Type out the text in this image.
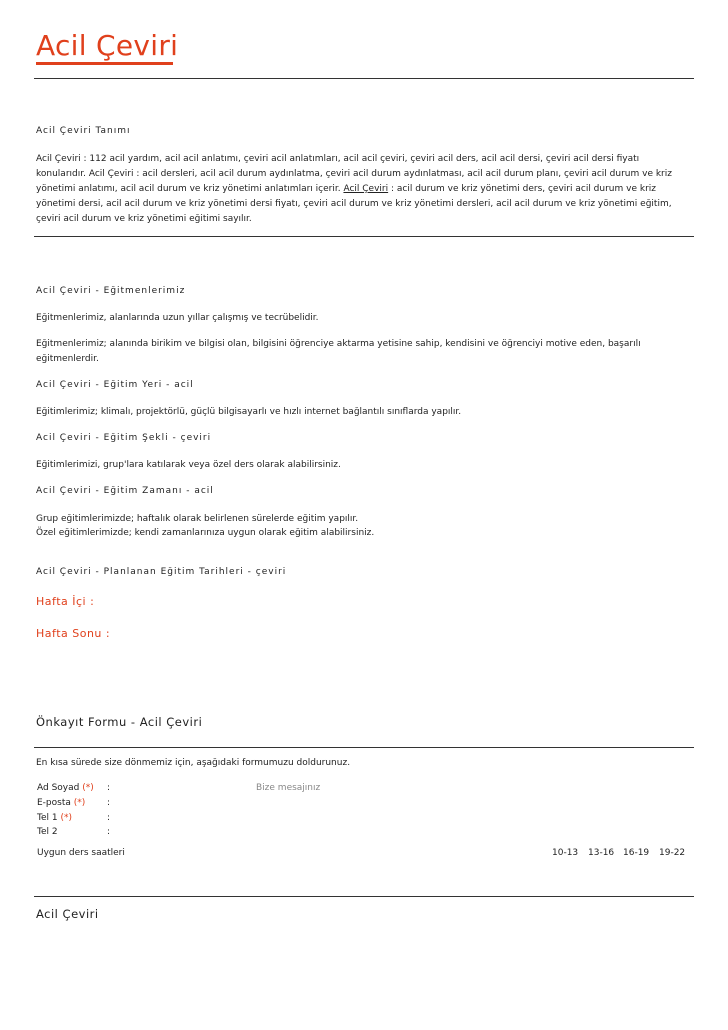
Acil Çeviri
Acil Çeviri Tanımı
Acil Çeviri : 112 acil yardım, acil acil anlatımı, çeviri acil anlatımları, acil acil çeviri, çeviri acil ders, acil acil dersi, çeviri acil dersi fiyatı
konularıdır. Acil Çeviri : acil dersleri, acil acil durum aydınlatma, çeviri acil durum aydınlatması, acil acil durum planı, çeviri acil durum ve kriz
yönetimi anlatımı, acil acil durum ve kriz yönetimi anlatımları içerir. Acil Çeviri : acil durum ve kriz yönetimi ders, çeviri acil durum ve kriz
yönetimi dersi, acil acil durum ve kriz yönetimi dersi fiyatı, çeviri acil durum ve kriz yönetimi dersleri, acil acil durum ve kriz yönetimi eğitim,
çeviri acil durum ve kriz yönetimi eğitimi sayılır.
Acil Çeviri - Eğitmenlerimiz
Eğitmenlerimiz, alanlarında uzun yıllar çalışmış ve tecrübelidir.
Eğitmenlerimiz; alanında birikim ve bilgisi olan, bilgisini öğrenciye aktarma yetisine sahip, kendisini ve öğrenciyi motive eden, başarılı
eğitmenlerdir.
Acil Çeviri - Eğitim Yeri - acil
Eğitimlerimiz; klimalı, projektörlü, güçlü bilgisayarlı ve hızlı internet bağlantılı sınıflarda yapılır.
Acil Çeviri - Eğitim Şekli - çeviri
Eğitimlerimizi, grup'lara katılarak veya özel ders olarak alabilirsiniz.
Acil Çeviri - Eğitim Zamanı - acil
Grup eğitimlerimizde; haftalık olarak belirlenen sürelerde eğitim yapılır.
Özel eğitimlerimizde; kendi zamanlarınıza uygun olarak eğitim alabilirsiniz.
Acil Çeviri - Planlanan Eğitim Tarihleri - çeviri
Hafta İçi :
Hafta Sonu :
Önkayıt Formu - Acil Çeviri
En kısa sürede size dönmemiz için, aşağıdaki formumuzu doldurunuz.
Ad Soyad (*) :	Bize mesajınız
E-posta (*) :
Tel 1 (*)	:
Tel 2	:
Uygun ders saatleri	10-13 13-16 16-19 19-22
Acil Çeviri
